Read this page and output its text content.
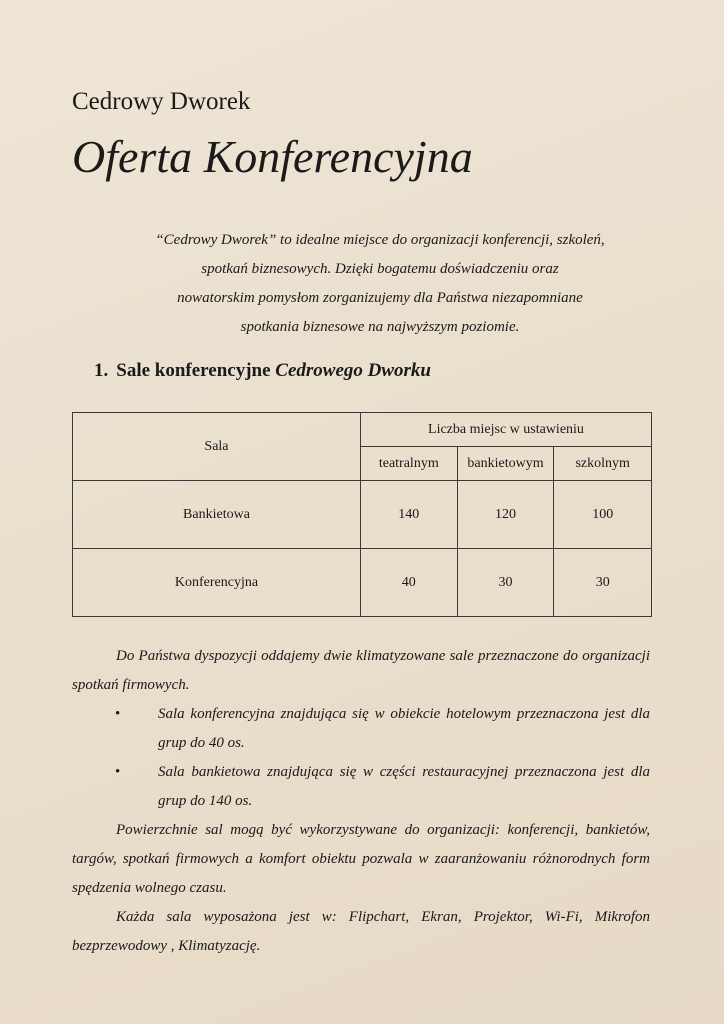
Cedrowy Dworek
Oferta Konferencyjna
“Cedrowy Dworek” to idealne miejsce do organizacji konferencji, szkoleń,
spotkań biznesowych. Dzięki bogatemu doświadczeniu oraz
nowatorskim pomysłom zorganizujemy dla Państwa niezapomniane
spotkania biznesowe na najwyższym poziomie.
1. Sale konferencyjne Cedrowego Dworku
Sala	Liczba miejsc w ustawieniu		
	teatralnym	bankietowym	szkolnym
Bankietowa	140	120	100
Konferencyjna	40	30	30

Do Państwa dyspozycji oddajemy dwie klimatyzowane sale przeznaczone do organizacji spotkań firmowych.

•	Sala konferencyjna znajdująca się w obiekcie hotelowym przeznaczona jest dla grup do 40 os.
•	Sala bankietowa znajdująca się w części restauracyjnej przeznaczona jest dla grup do 140 os.

Powierzchnie sal mogą być wykorzystywane do organizacji: konferencji, bankietów, targów, spotkań firmowych a komfort obiektu pozwala w zaaranżowaniu różnorodnych form spędzenia wolnego czasu.

Każda sala wyposażona jest w: Flipchart, Ekran, Projektor, Wi-Fi, Mikrofon bezprzewodowy , Klimatyzację.
